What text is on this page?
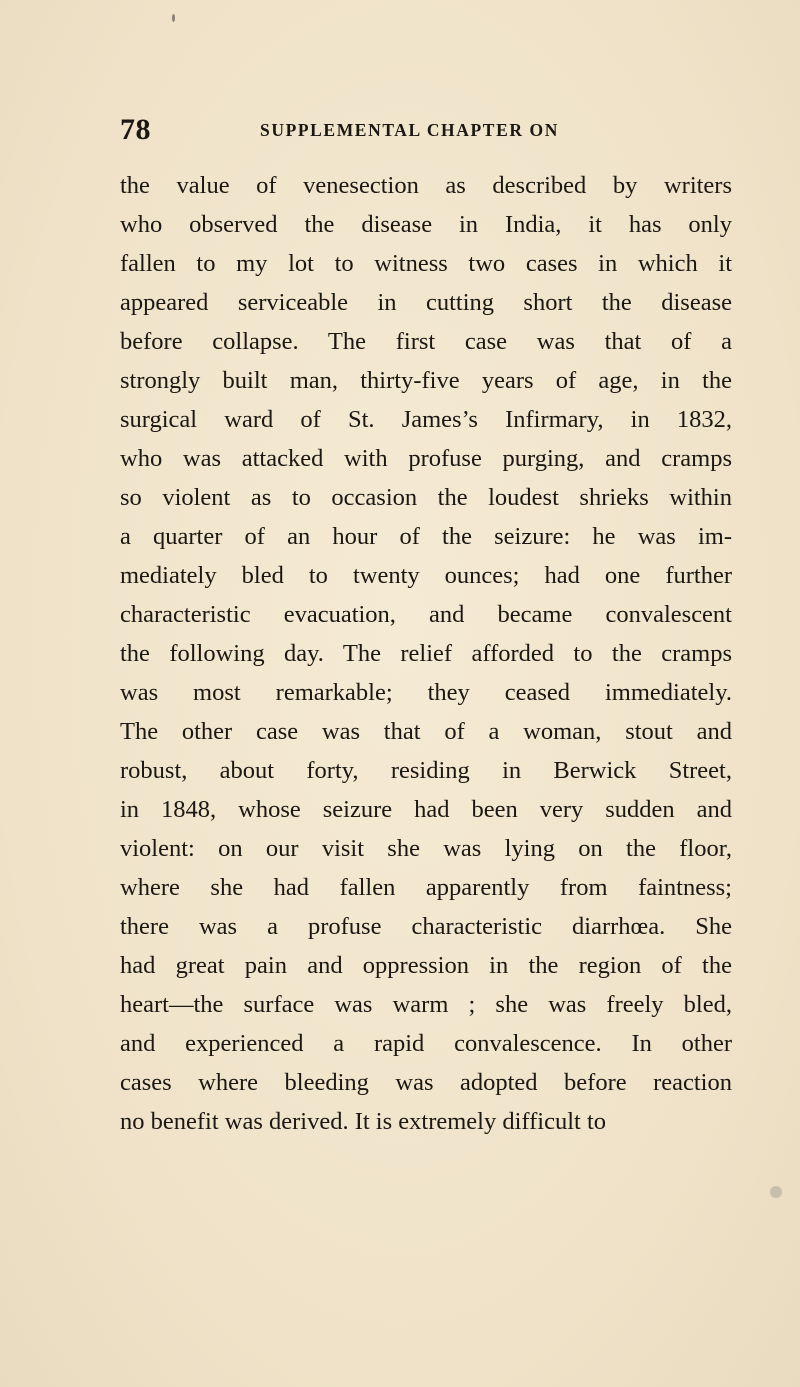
78	SUPPLEMENTAL CHAPTER ON
the value of venesection as described by writers
who observed the disease in India, it has only
fallen to my lot to witness two cases in which it
appeared serviceable in cutting short the disease
before collapse. The first case was that of a
strongly built man, thirty-five years of age, in the
surgical ward of St. James’s Infirmary, in 1832,
who was attacked with profuse purging, and cramps
so violent as to occasion the loudest shrieks within
a quarter of an hour of the seizure: he was im-
mediately bled to twenty ounces; had one further
characteristic evacuation, and became convalescent
the following day. The relief afforded to the cramps
was most remarkable; they ceased immediately.
The other case was that of a woman, stout and
robust, about forty, residing in Berwick Street,
in 1848, whose seizure had been very sudden and
violent: on our visit she was lying on the floor,
where she had fallen apparently from faintness;
there was a profuse characteristic diarrhœa. She
had great pain and oppression in the region of the
heart—the surface was warm ; she was freely bled,
and experienced a rapid convalescence. In other
cases where bleeding was adopted before reaction
no benefit was derived. It is extremely difficult to
